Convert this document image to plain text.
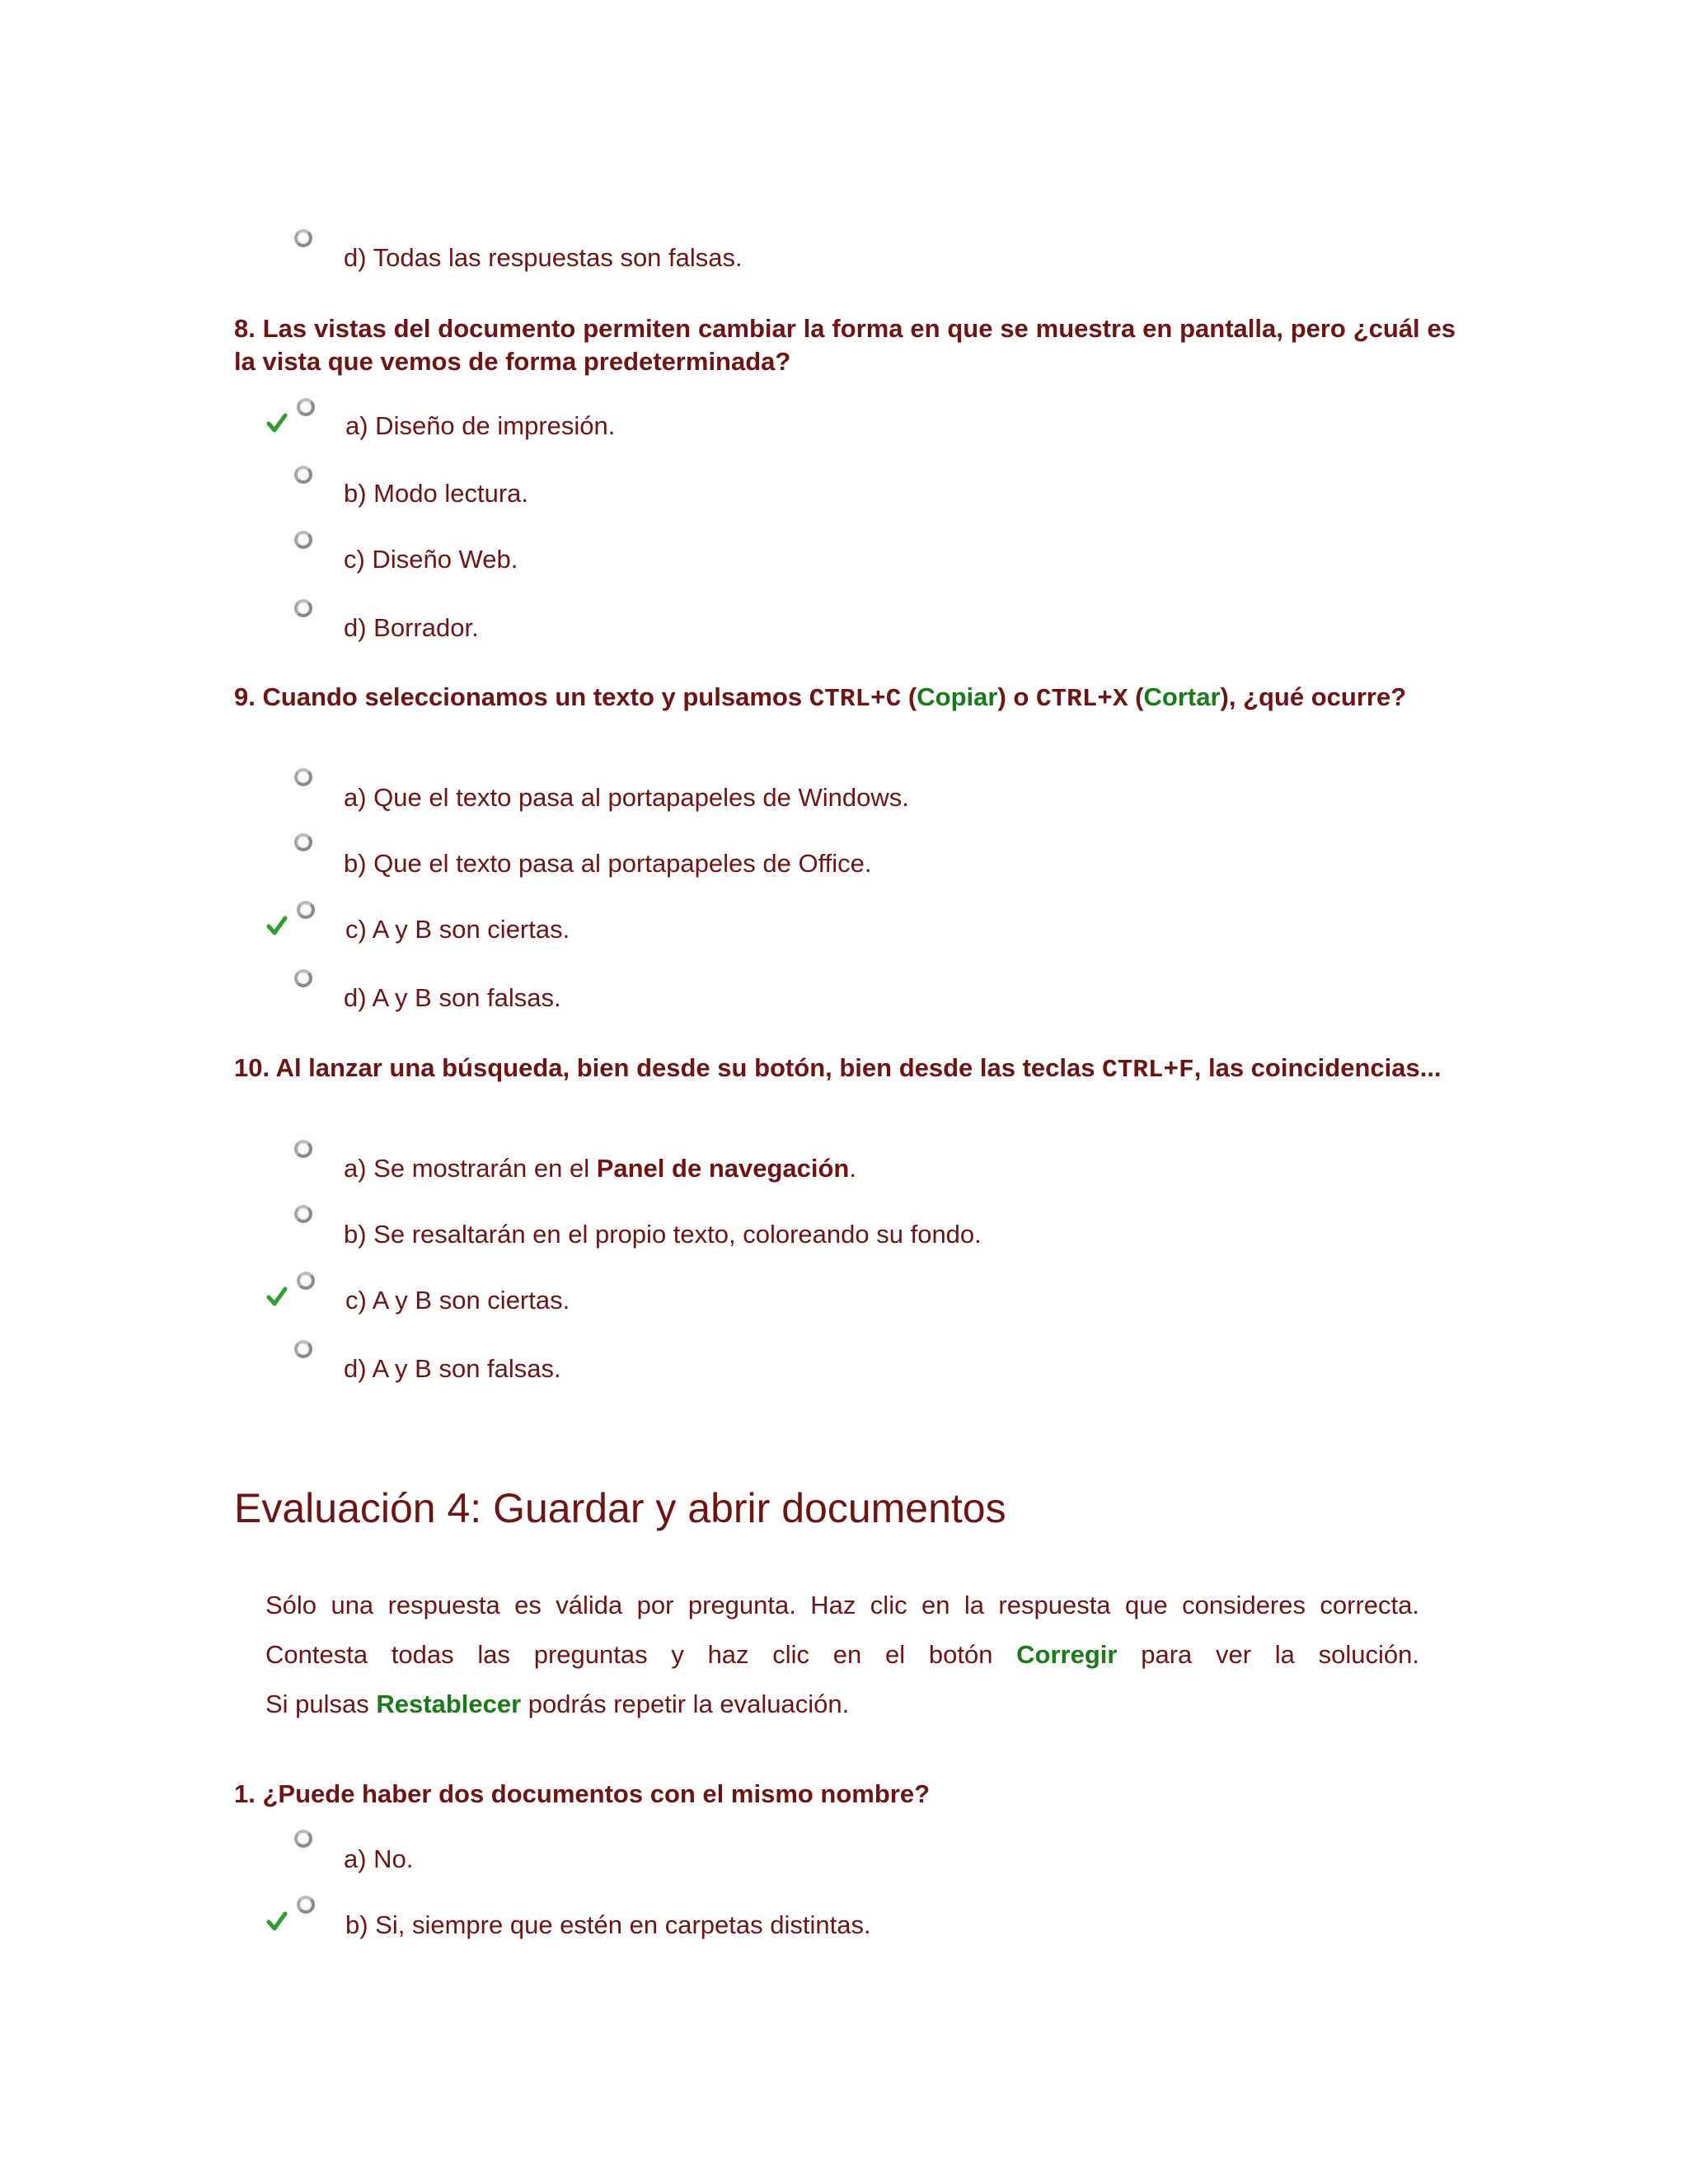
d) Todas las respuestas son falsas.
8. Las vistas del documento permiten cambiar la forma en que se muestra en pantalla, pero ¿cuál es la vista que vemos de forma predeterminada?
a) Diseño de impresión.
b) Modo lectura.
c) Diseño Web.
d) Borrador.
9. Cuando seleccionamos un texto y pulsamos CTRL+C (Copiar) o CTRL+X (Cortar), ¿qué ocurre?
a) Que el texto pasa al portapapeles de Windows.
b) Que el texto pasa al portapapeles de Office.
c) A y B son ciertas.
d) A y B son falsas.
10. Al lanzar una búsqueda, bien desde su botón, bien desde las teclas CTRL+F, las coincidencias...
a) Se mostrarán en el Panel de navegación.
b) Se resaltarán en el propio texto, coloreando su fondo.
c) A y B son ciertas.
d) A y B son falsas.
Evaluación 4: Guardar y abrir documentos
Sólo una respuesta es válida por pregunta. Haz clic en la respuesta que consideres correcta.
Contesta todas las preguntas y haz clic en el botón Corregir para ver la solución.
Si pulsas Restablecer podrás repetir la evaluación.
1. ¿Puede haber dos documentos con el mismo nombre?
a) No.
b) Si, siempre que estén en carpetas distintas.
